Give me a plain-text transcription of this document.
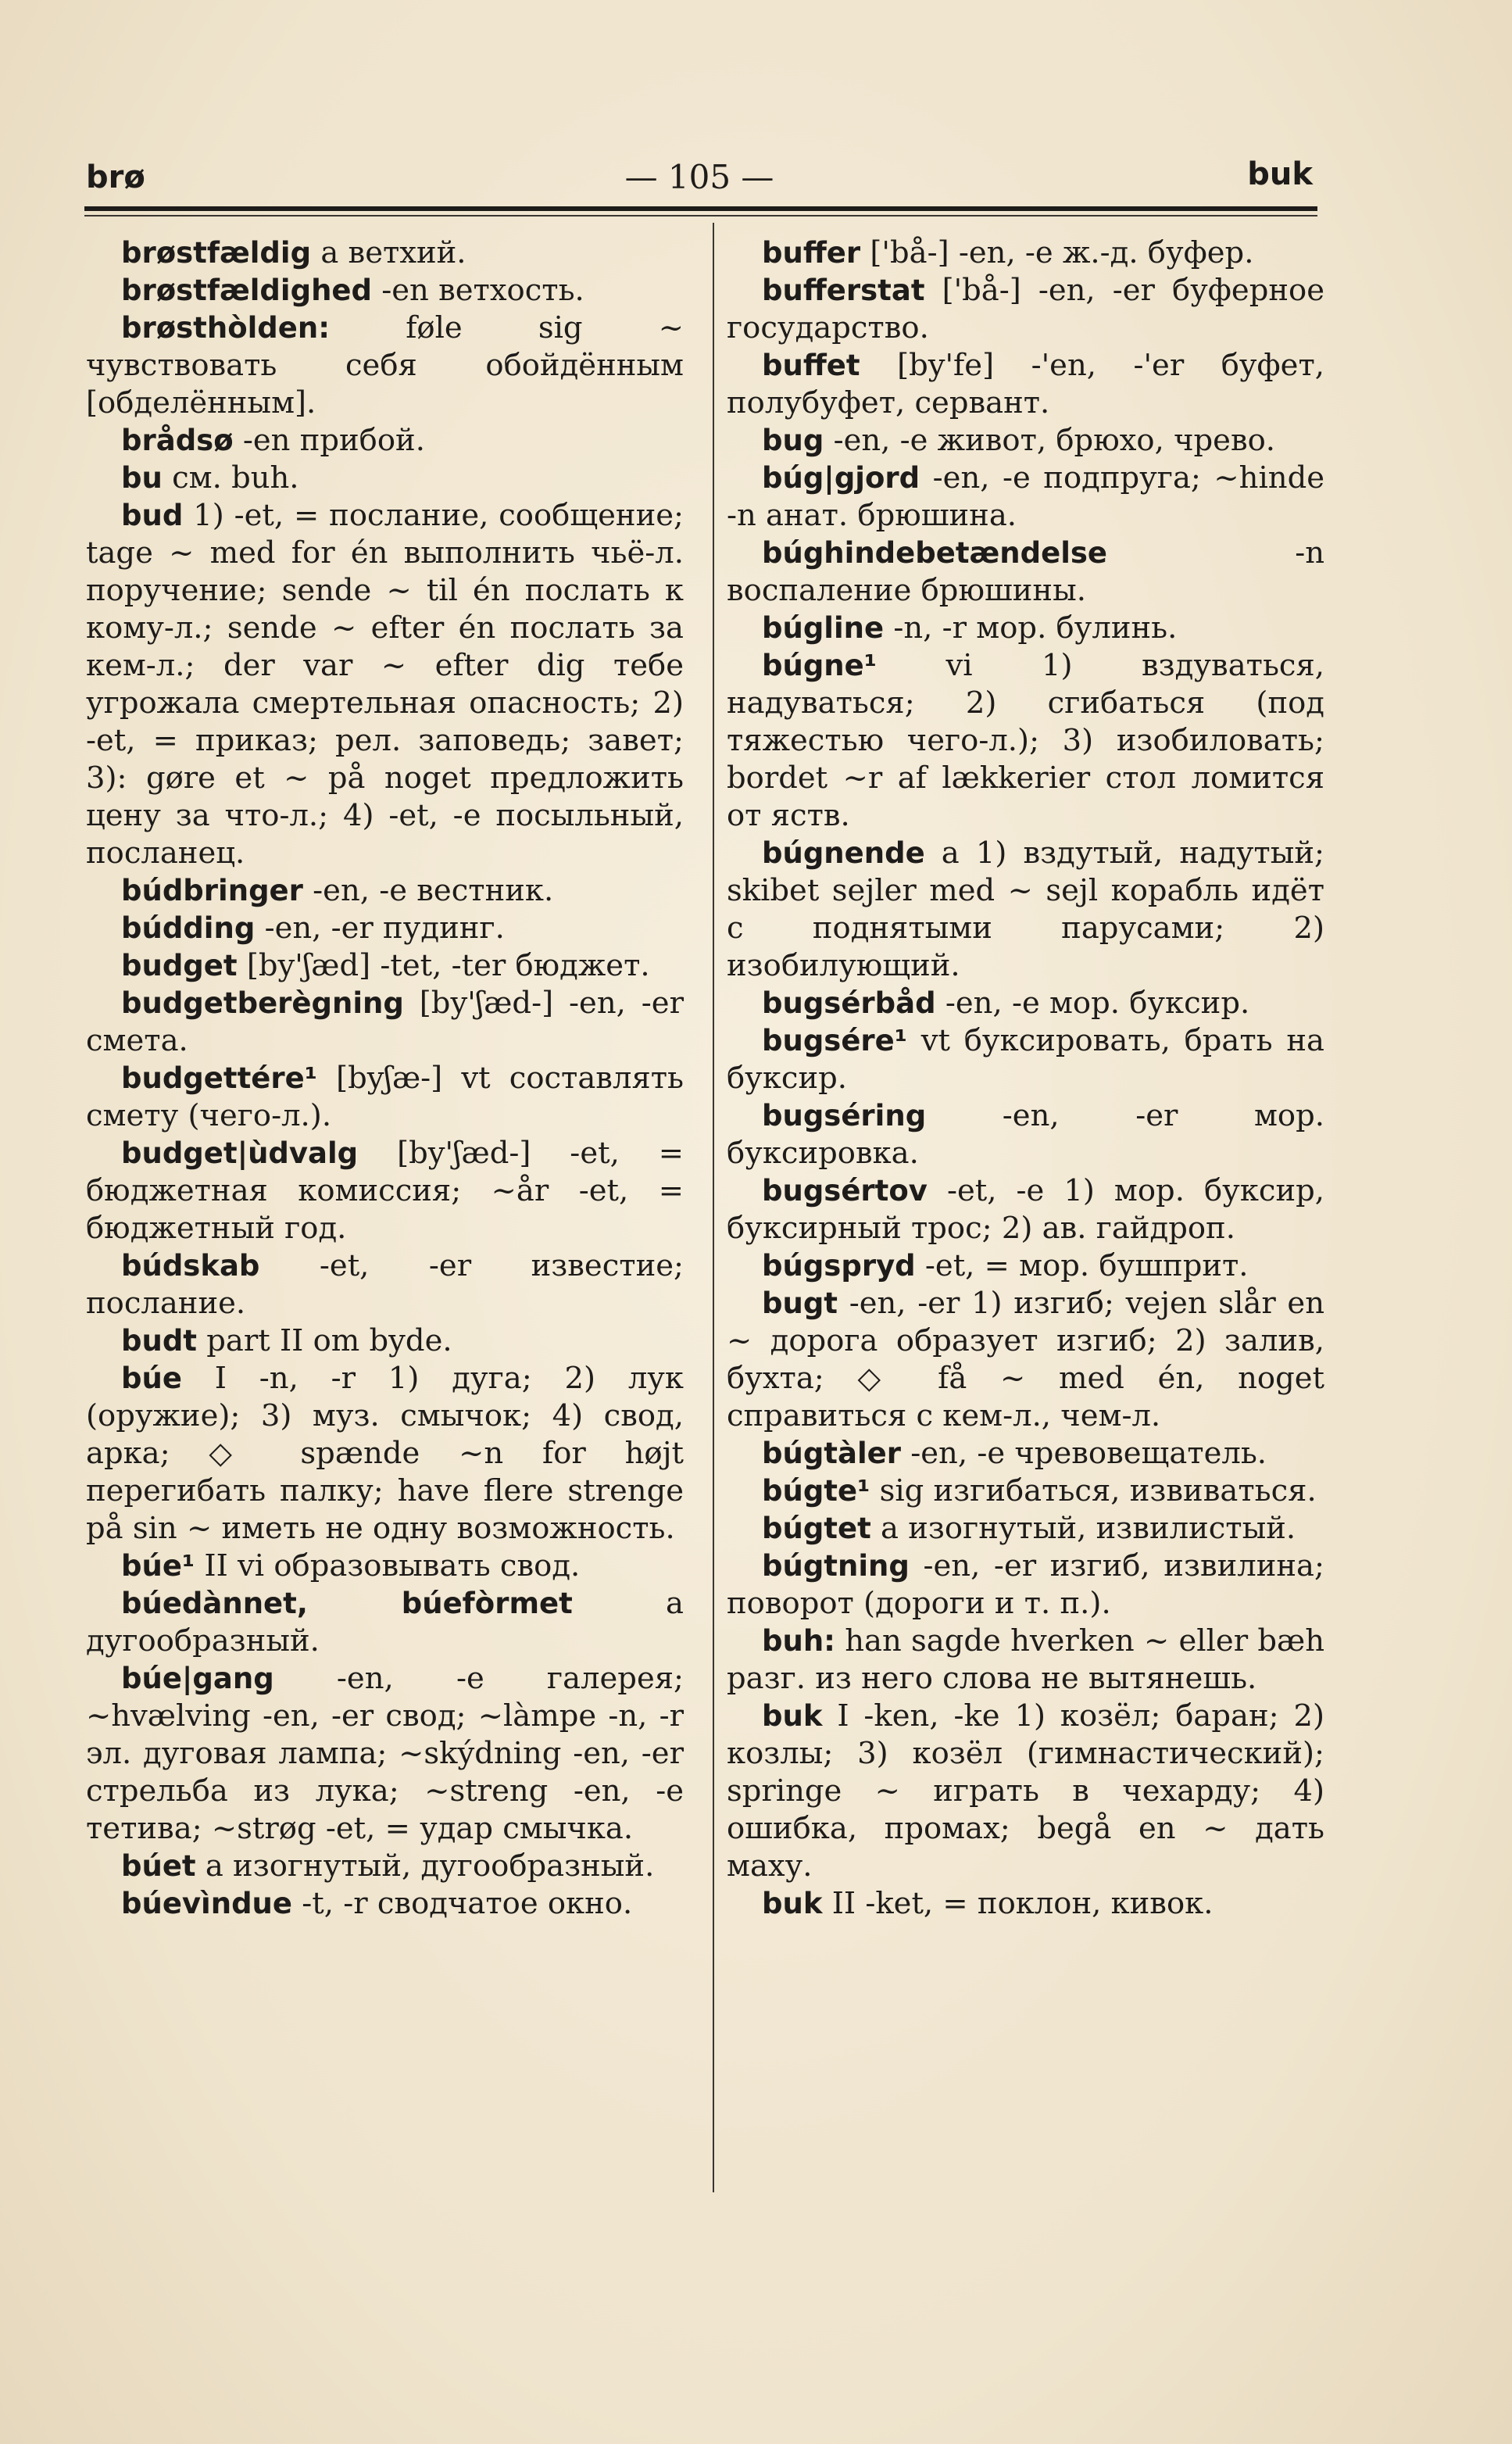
brø	— 105 —	buk

brøstfældig a ветхий.

brøstfældighed -en ветхость.

brøsthòlden:	føle sig ~ чувствовать себя обойдённым [обделённым].

brådsø -en прибой.

bu см. buh.

bud 1) -et, = послание, сообщение; tage ~ med for én выполнить чьё-л. поручение; sende ~ til én послать к кому-л.; sende ~ efter én послать за кем-л.; der var ~ efter dig тебе угрожала смертельная опасность; 2) -et, = приказ; рел. заповедь; завет; 3): gøre et ~ på noget предложить цену за что-л.; 4) -et, -e посыльный, посланец.

búdbringer -en, -e вестник.

búdding -en, -er пудинг.

budget [by'ʃæd] -tet, -ter бюджет.

budgetberègning [by'ʃæd-] -en, -er смета.

budgettére¹ [byʃæ-] vt составлять смету (чего-л.).

budget|ùdvalg [by'ʃæd-] -et, = бюджетная комиссия; ~år -et, = бюджетный год.

búdskab -et, -er известие; послание.

budt part II om byde.

búe I -n, -r 1) дуга; 2) лук (оружие); 3) муз. смычок; 4) свод, арка; ◇ spænde ~n for højt перегибать палку; have flere strenge på sin ~ иметь не одну возможность.

búe¹ II vi образовывать свод.

búedànnet, búefòrmet	a дугообразный.

búe|gang -en, -e галерея; ~hvælving -en, -er свод; ~làmpe -n, -r эл. дуговая лампа; ~skýdning -en, -er стрельба из лука; ~streng -en, -e тетива; ~strøg -et, = удар смычка.

búet a изогнутый, дугообразный.

búevìndue -t, -r сводчатое окно.

buffer ['bå-] -en, -e ж.-д. буфер.

bufferstat ['bå-] -en, -er буферное государство.

buffet [by'fe] -'en, -'er буфет, полубуфет, сервант.

bug -en, -e живот, брюхо, чрево.

búg|gjord -en, -e подпруга; ~hinde -n анат. брюшина.

búghindebetændelse	-n воспаление брюшины.

búgline -n, -r мор. булинь.

búgne¹ vi 1) вздуваться, надуваться; 2) сгибаться (под тяжестью чего-л.); 3) изобиловать; bordet ~r af lækkerier стол ломится от яств.

búgnende a 1) вздутый, надутый; skibet sejler med ~ sejl корабль идёт с поднятыми парусами; 2) изобилующий.

bugsérbåd -en, -e мор. буксир.

bugsére¹ vt буксировать, брать на буксир.

bugséring	-en, -er мор. буксировка.

bugsértov -et, -e 1) мор. буксир, буксирный трос; 2) ав. гайдроп.

búgspryd -et, = мор. бушприт.

bugt -en, -er 1) изгиб; vejen slår en ~ дорога образует изгиб; 2) залив, бухта; ◇ få ~ med én, noget справиться с кем-л., чем-л.

búgtàler -en, -e чревовещатель.

búgte¹ sig изгибаться, извиваться.

búgtet a изогнутый, извилистый.

búgtning -en, -er изгиб, извилина; поворот (дороги и т. п.).

buh: han sagde hverken ~ eller bæh разг. из него слова не вытянешь.

buk I -ken, -ke 1) козёл; баран; 2) козлы; 3) козёл (гимнастический); springe ~ играть в чехарду; 4) ошибка, промах; begå en ~ дать маху.

buk II -ket, = поклон, кивок.
